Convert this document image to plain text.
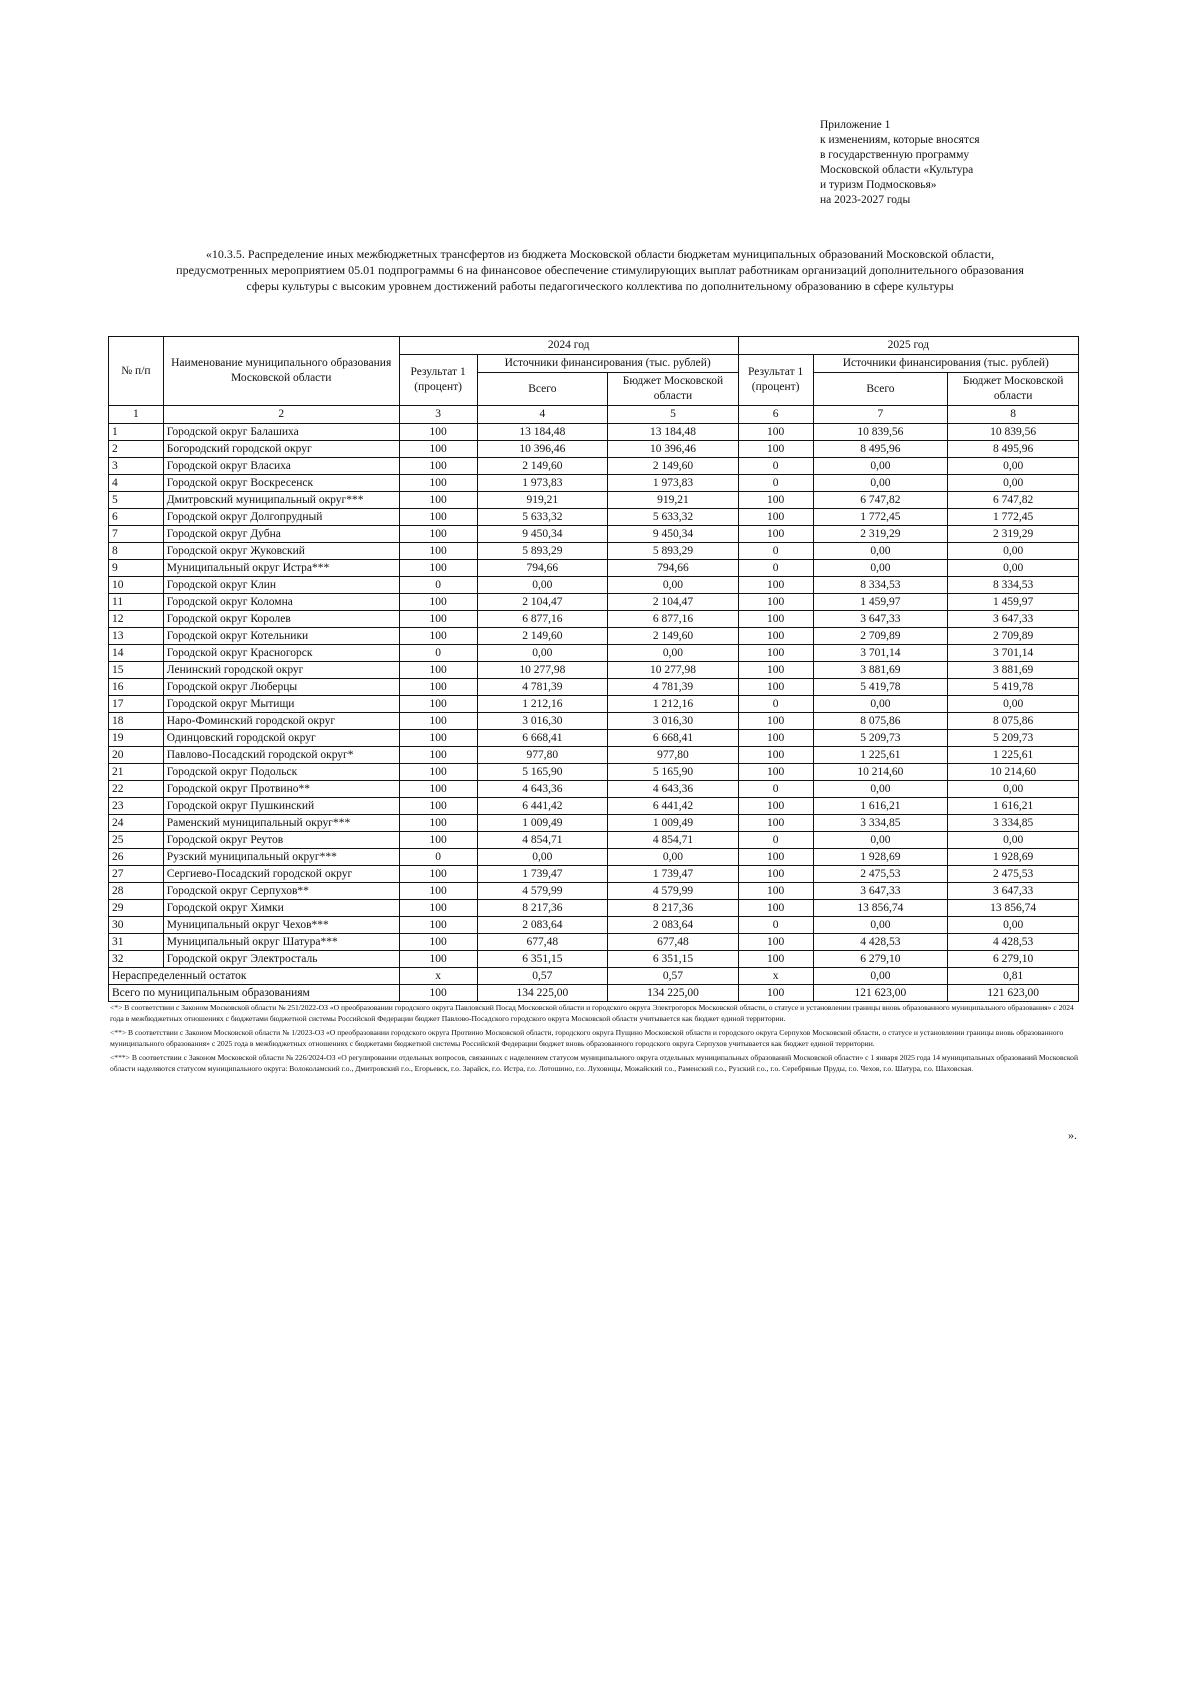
Приложение 1
к изменениям, которые вносятся
в государственную программу
Московской области «Культура
и туризм Подмосковья»
на 2023-2027 годы
«10.3.5. Распределение иных межбюджетных трансфертов из бюджета Московской области бюджетам муниципальных образований Московской области,
предусмотренных мероприятием 05.01 подпрограммы 6 на финансовое обеспечение стимулирующих выплат работникам организаций дополнительного образования
сферы культуры с высоким уровнем достижений работы педагогического коллектива по дополнительному образованию в сфере культуры
№ п/п	Наименование муниципального образования Московской области	2024 год			2025 год		
		Результат 1 (процент)	Источники финансирования (тыс. рублей)		Результат 1 (процент)	Источники финансирования (тыс. рублей)	
			Всего	Бюджет Московской области		Всего	Бюджет Московской области
1	2	3	4	5	6	7	8
1	Городской округ Балашиха	100	13 184,48	13 184,48	100	10 839,56	10 839,56
2	Богородский городской округ	100	10 396,46	10 396,46	100	8 495,96	8 495,96
3	Городской округ Власиха	100	2 149,60	2 149,60	0	0,00	0,00
4	Городской округ Воскресенск	100	1 973,83	1 973,83	0	0,00	0,00
5	Дмитровский муниципальный округ***	100	919,21	919,21	100	6 747,82	6 747,82
6	Городской округ Долгопрудный	100	5 633,32	5 633,32	100	1 772,45	1 772,45
7	Городской округ Дубна	100	9 450,34	9 450,34	100	2 319,29	2 319,29
8	Городской округ Жуковский	100	5 893,29	5 893,29	0	0,00	0,00
9	Муниципальный округ Истра***	100	794,66	794,66	0	0,00	0,00
10	Городской округ Клин	0	0,00	0,00	100	8 334,53	8 334,53
11	Городской округ Коломна	100	2 104,47	2 104,47	100	1 459,97	1 459,97
12	Городской округ Королев	100	6 877,16	6 877,16	100	3 647,33	3 647,33
13	Городской округ Котельники	100	2 149,60	2 149,60	100	2 709,89	2 709,89
14	Городской округ Красногорск	0	0,00	0,00	100	3 701,14	3 701,14
15	Ленинский городской округ	100	10 277,98	10 277,98	100	3 881,69	3 881,69
16	Городской округ Люберцы	100	4 781,39	4 781,39	100	5 419,78	5 419,78
17	Городской округ Мытищи	100	1 212,16	1 212,16	0	0,00	0,00
18	Наро-Фоминский городской округ	100	3 016,30	3 016,30	100	8 075,86	8 075,86
19	Одинцовский городской округ	100	6 668,41	6 668,41	100	5 209,73	5 209,73
20	Павлово-Посадский городской округ*	100	977,80	977,80	100	1 225,61	1 225,61
21	Городской округ Подольск	100	5 165,90	5 165,90	100	10 214,60	10 214,60
22	Городской округ Протвино**	100	4 643,36	4 643,36	0	0,00	0,00
23	Городской округ Пушкинский	100	6 441,42	6 441,42	100	1 616,21	1 616,21
24	Раменский муниципальный округ***	100	1 009,49	1 009,49	100	3 334,85	3 334,85
25	Городской округ Реутов	100	4 854,71	4 854,71	0	0,00	0,00
26	Рузский муниципальный округ***	0	0,00	0,00	100	1 928,69	1 928,69
27	Сергиево-Посадский городской округ	100	1 739,47	1 739,47	100	2 475,53	2 475,53
28	Городской округ Серпухов**	100	4 579,99	4 579,99	100	3 647,33	3 647,33
29	Городской округ Химки	100	8 217,36	8 217,36	100	13 856,74	13 856,74
30	Муниципальный округ Чехов***	100	2 083,64	2 083,64	0	0,00	0,00
31	Муниципальный округ Шатура***	100	677,48	677,48	100	4 428,53	4 428,53
32	Городской округ Электросталь	100	6 351,15	6 351,15	100	6 279,10	6 279,10
Нераспределенный остаток		x	0,57	0,57	x	0,00	0,81
Всего по муниципальным образованиям		100	134 225,00	134 225,00	100	121 623,00	121 623,00

<*> В соответствии с Законом Московской области № 251/2022-ОЗ «О преобразовании городского округа Павловский Посад Московской области и городского округа Электрогорск Московской области, о статусе и установлении границы вновь образованного муниципального образования» с 2024 года в межбюджетных отношениях с бюджетами бюджетной системы Российской Федерации бюджет Павлово-Посадского городского округа Московской области учитывается как бюджет единой территории.

<**> В соответствии с Законом Московской области № 1/2023-ОЗ «О преобразовании городского округа Протвино Московской области, городского округа Пущино Московской области и городского округа Серпухов Московской области, о статусе и установлении границы вновь образованного муниципального образования» с 2025 года в межбюджетных отношениях с бюджетами бюджетной системы Российской Федерации бюджет вновь образованного городского округа Серпухов учитывается как бюджет единой территории.

<***> В соответствии с Законом Московской области № 226/2024-ОЗ «О регулировании отдельных вопросов, связанных с наделением статусом муниципального округа отдельных муниципальных образований Московской области» с 1 января 2025 года 14 муниципальных образований Московской области наделяются статусом муниципального округа: Волоколамский г.о., Дмитровский г.о., Егорьевск, г.о. Зарайск, г.о. Истра, г.о. Лотошино, г.о. Луховицы, Можайский г.о., Раменский г.о., Рузский г.о., г.о. Серебряные Пруды, г.о. Чехов, г.о. Шатура, г.о. Шаховская.

».
